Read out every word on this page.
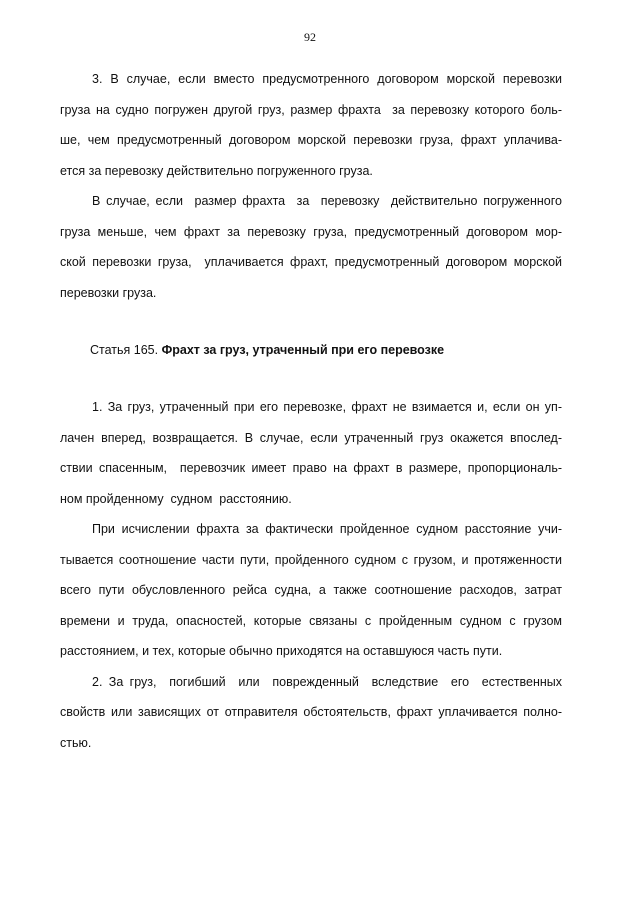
92
3. В случае, если вместо предусмотренного договором морской перевозки
груза на судно погружен другой груз, размер фрахта  за перевозку которого боль-
ше, чем предусмотренный договором морской перевозки груза, фрахт уплачива-
ется за перевозку действительно погруженного груза.
В случае, если  размер фрахта  за  перевозку  действительно погруженного
груза меньше, чем фрахт за перевозку груза, предусмотренный договором мор-
ской перевозки груза,  уплачивается фрахт, предусмотренный договором морской
перевозки груза.
Статья 165. Фрахт за груз, утраченный при его перевозке
1. За груз, утраченный при его перевозке, фрахт не взимается и, если он уп-
лачен вперед, возвращается. В случае, если утраченный груз окажется впослед-
ствии спасенным,  перевозчик имеет право на фрахт в размере, пропорциональ-
ном пройденному  судном  расстоянию.
При исчислении фрахта за фактически пройденное судном расстояние учи-
тывается соотношение части пути, пройденного судном с грузом, и протяженности
всего пути обусловленного рейса судна, а также соотношение расходов, затрат
времени и труда, опасностей, которые связаны с пройденным судном с грузом
расстоянием, и тех, которые обычно приходятся на оставшуюся часть пути.
2. За груз,  погибший  или  поврежденный  вследствие  его  естественных
свойств или зависящих от отправителя обстоятельств, фрахт уплачивается полно-
стью.
